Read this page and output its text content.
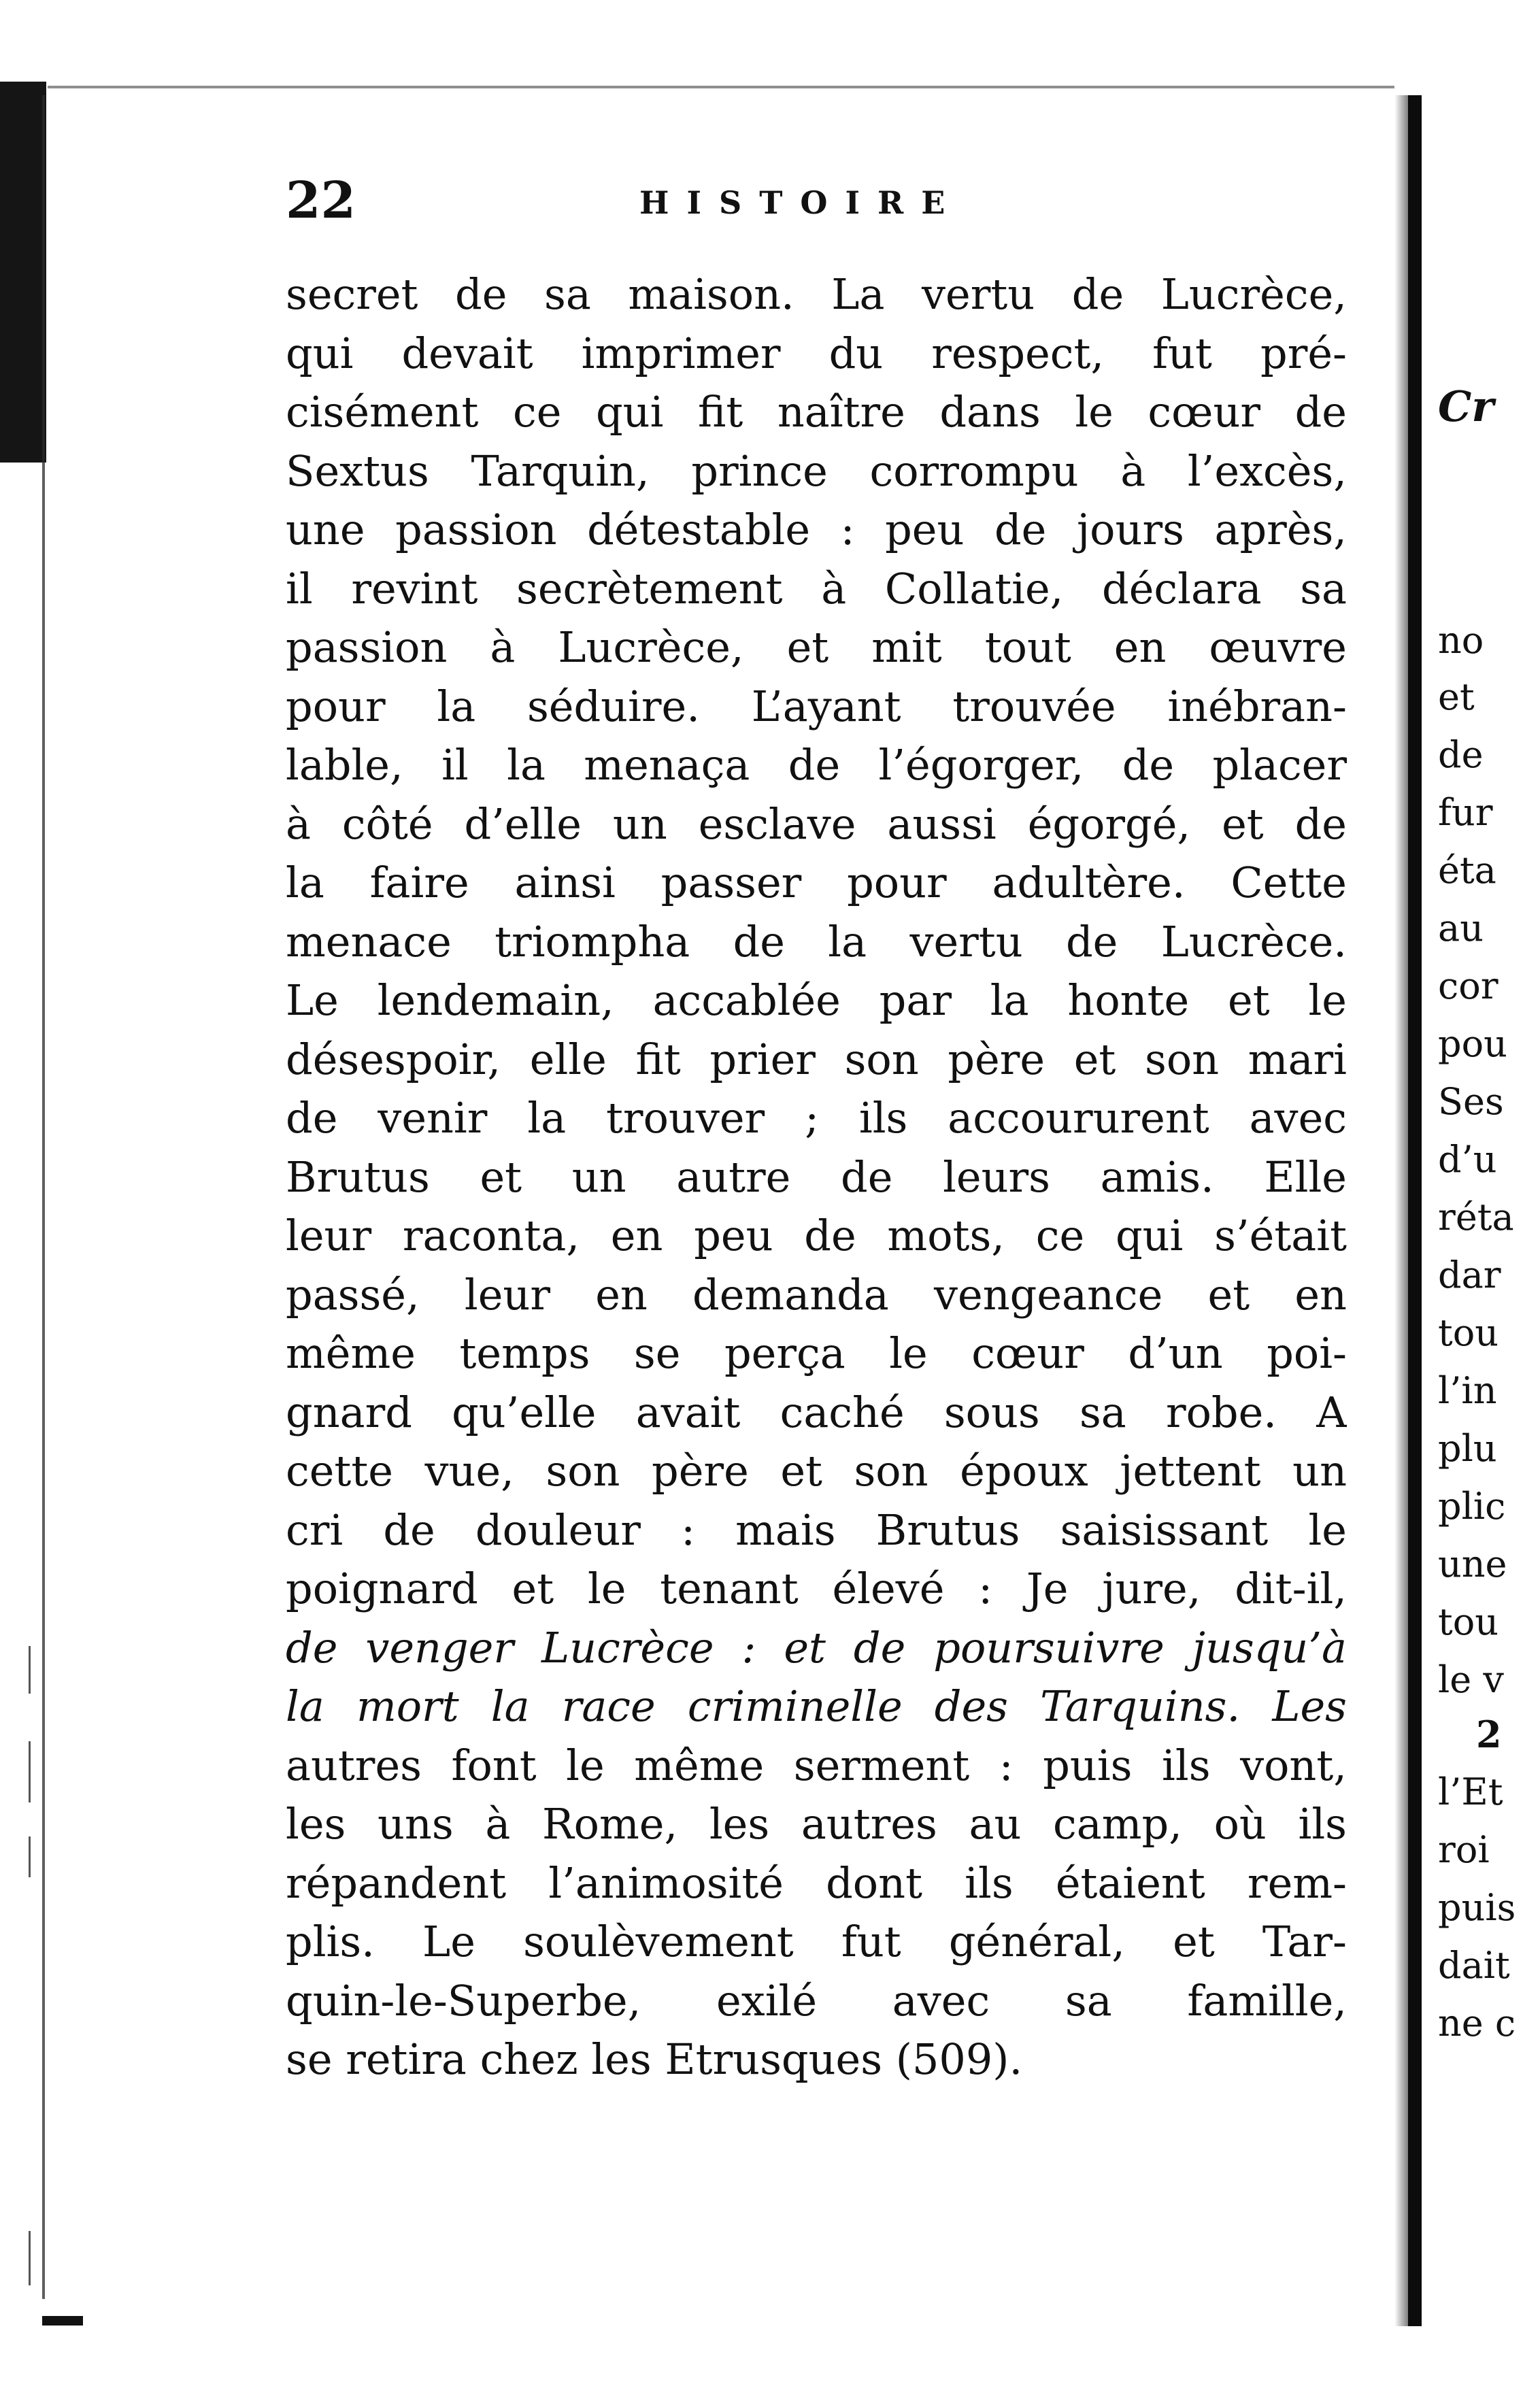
22	HISTOIRE
secret de sa maison. La vertu de Lucrèce,
qui devait imprimer du respect, fut pré-
cisément ce qui fit naître dans le cœur de
Sextus Tarquin, prince corrompu à l’excès,
une passion détestable : peu de jours après,
il revint secrètement à Collatie, déclara sa
passion à Lucrèce, et mit tout en œuvre
pour la séduire. L’ayant trouvée inébran-
lable, il la menaça de l’égorger, de placer
à côté d’elle un esclave aussi égorgé, et de
la faire ainsi passer pour adultère. Cette
menace triompha de la vertu de Lucrèce.
Le lendemain, accablée par la honte et le
désespoir, elle fit prier son père et son mari
de venir la trouver ; ils accoururent avec
Brutus et un autre de leurs amis. Elle
leur raconta, en peu de mots, ce qui s’était
passé, leur en demanda vengeance et en
même temps se perça le cœur d’un poi-
gnard qu’elle avait caché sous sa robe. A
cette vue, son père et son époux jettent un
cri de douleur : mais Brutus saisissant le
poignard et le tenant élevé : Je jure, dit-il,
de venger Lucrèce : et de poursuivre jusqu’à
la mort la race criminelle des Tarquins. Les
autres font le même serment : puis ils vont,
les uns à Rome, les autres au camp, où ils
répandent l’animosité dont ils étaient rem-
plis. Le soulèvement fut général, et Tar-
quin-le-Superbe, exilé avec sa famille,
se retira chez les Etrusques (509).
Cr
no
et
de
fur
éta
au
cor
pou
Ses
d’u
réta
dar
tou
l’in
plu
plic
une
tou
le v
2
l’Et
roi
puis
dait
ne c
